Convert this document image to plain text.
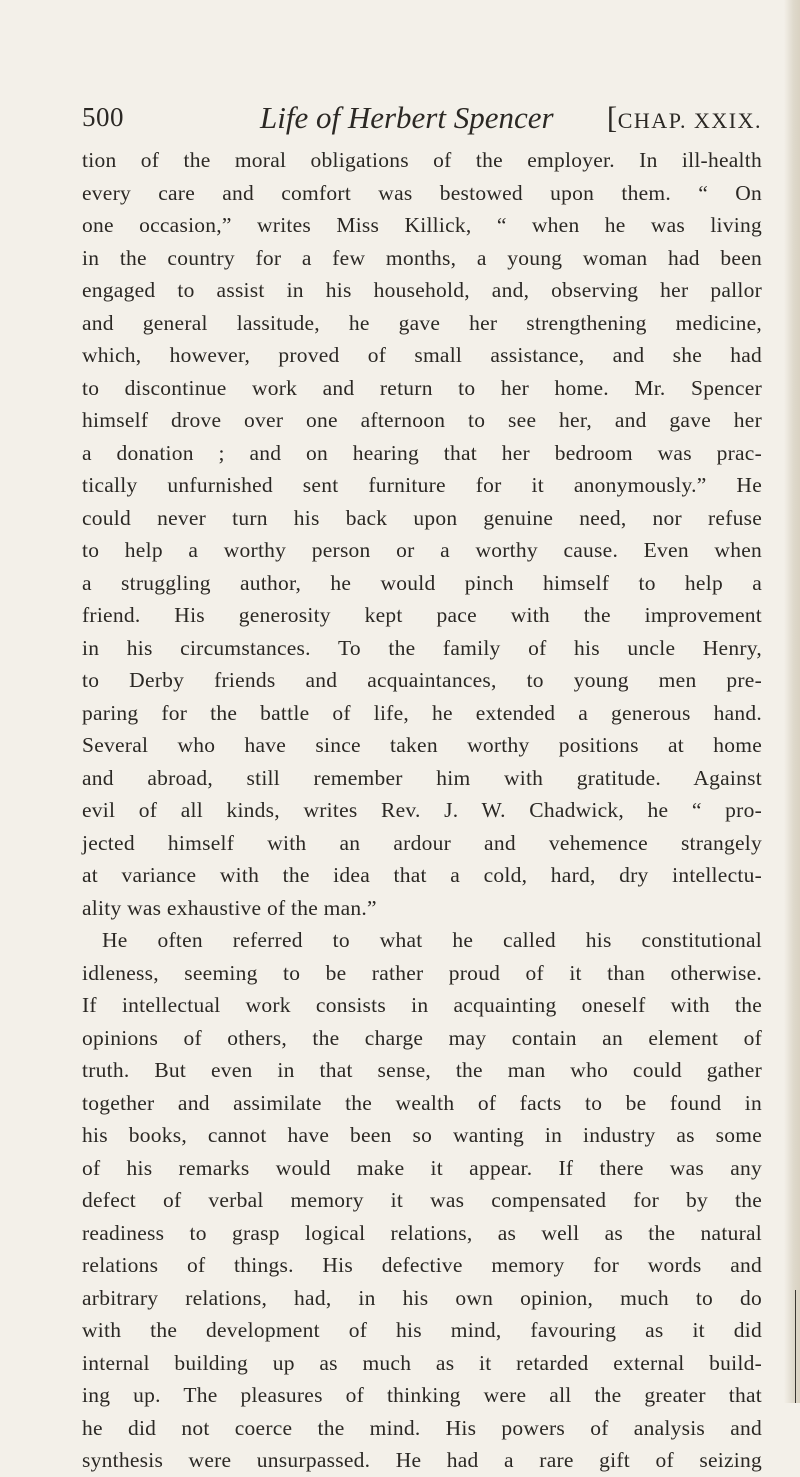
500	Life of Herbert Spencer [CHAP. XXIX.
tion of the moral obligations of the employer. In ill-health
every care and comfort was bestowed upon them. “ On
one occasion,” writes Miss Killick, “ when he was living
in the country for a few months, a young woman had been
engaged to assist in his household, and, observing her pallor
and general lassitude, he gave her strengthening medicine,
which, however, proved of small assistance, and she had
to discontinue work and return to her home. Mr. Spencer
himself drove over one afternoon to see her, and gave her
a donation ; and on hearing that her bedroom was prac-
tically unfurnished sent furniture for it anonymously.” He
could never turn his back upon genuine need, nor refuse
to help a worthy person or a worthy cause. Even when
a struggling author, he would pinch himself to help a
friend. His generosity kept pace with the improvement
in his circumstances. To the family of his uncle Henry,
to Derby friends and acquaintances, to young men pre-
paring for the battle of life, he extended a generous hand.
Several who have since taken worthy positions at home
and abroad, still remember him with gratitude. Against
evil of all kinds, writes Rev. J. W. Chadwick, he “ pro-
jected himself with an ardour and vehemence strangely
at variance with the idea that a cold, hard, dry intellectu-
ality was exhaustive of the man.”
He often referred to what he called his constitutional
idleness, seeming to be rather proud of it than otherwise.
If intellectual work consists in acquainting oneself with the
opinions of others, the charge may contain an element of
truth. But even in that sense, the man who could gather
together and assimilate the wealth of facts to be found in
his books, cannot have been so wanting in industry as some
of his remarks would make it appear. If there was any
defect of verbal memory it was compensated for by the
readiness to grasp logical relations, as well as the natural
relations of things. His defective memory for words and
arbitrary relations, had, in his own opinion, much to do
with the development of his mind, favouring as it did
internal building up as much as it retarded external build-
ing up. The pleasures of thinking were all the greater that
he did not coerce the mind. His powers of analysis and
synthesis were unsurpassed. He had a rare gift of seizing
